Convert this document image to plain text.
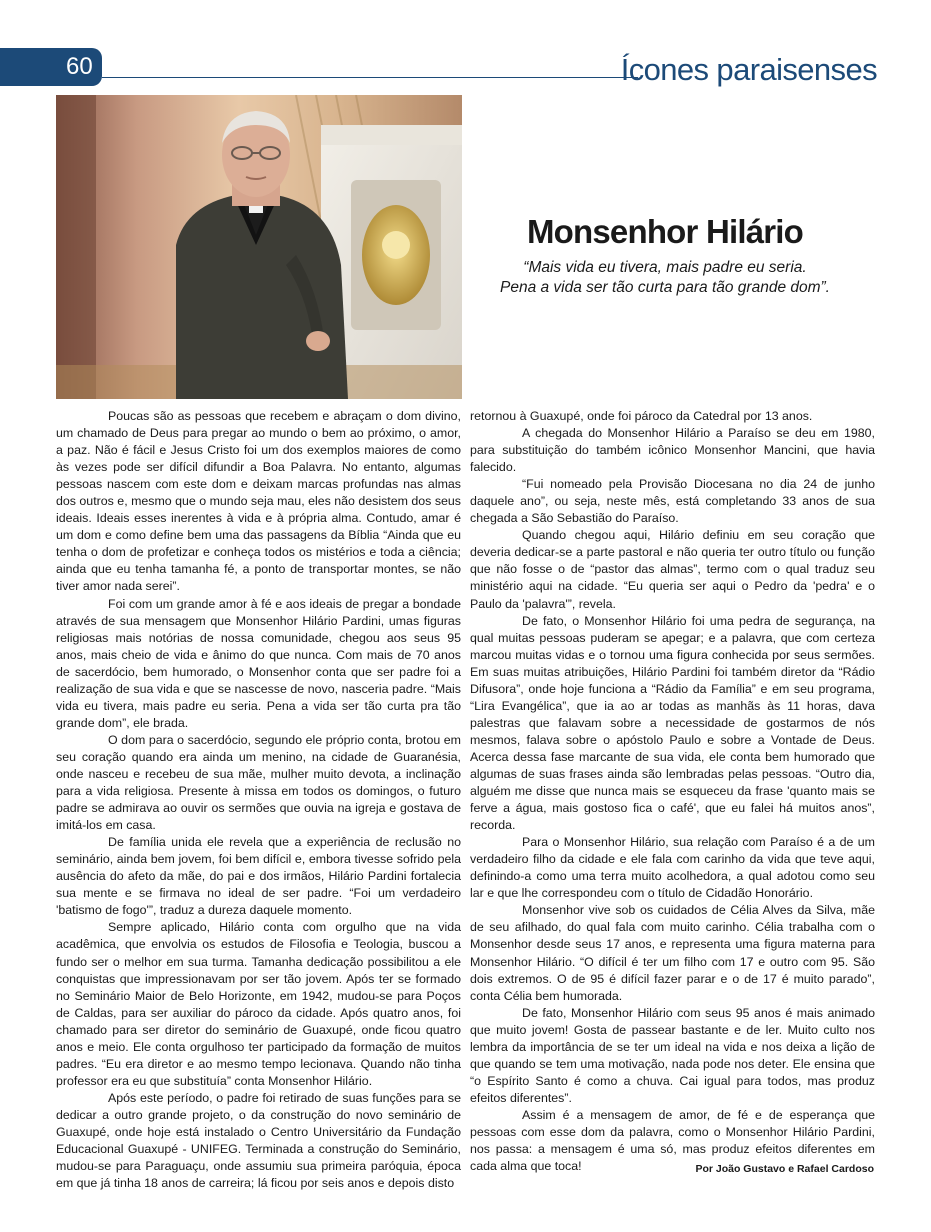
60	Ícones paraisenses
Monsenhor Hilário

“Mais vida eu tivera, mais padre eu seria.
Pena a vida ser tão curta para tão grande dom”.

Poucas são as pessoas que recebem e abraçam o dom divino, um chamado de Deus para pregar ao mundo o bem ao próximo, o amor, a paz. Não é fácil e Jesus Cristo foi um dos exemplos maiores de como às vezes pode ser difícil difundir a Boa Palavra. No entanto, algumas pessoas nascem com este dom e deixam marcas profundas nas almas dos outros e, mesmo que o mundo seja mau, eles não desistem dos seus ideais. Ideais esses inerentes à vida e à própria alma. Contudo, amar é um dom e como define bem uma das passagens da Bíblia “Ainda que eu tenha o dom de profetizar e conheça todos os mistérios e toda a ciência; ainda que eu tenha tamanha fé, a ponto de transportar montes, se não tiver amor nada serei”.

Foi com um grande amor à fé e aos ideais de pregar a bondade através de sua mensagem que Monsenhor Hilário Pardini, umas figuras religiosas mais notórias de nossa comunidade, chegou aos seus 95 anos, mais cheio de vida e ânimo do que nunca. Com mais de 70 anos de sacerdócio, bem humorado, o Monsenhor conta que ser padre foi a realização de sua vida e que se nascesse de novo, nasceria padre. “Mais vida eu tivera, mais padre eu seria. Pena a vida ser tão curta pra tão grande dom”, ele brada.

O dom para o sacerdócio, segundo ele próprio conta, brotou em seu coração quando era ainda um menino, na cidade de Guaranésia, onde nasceu e recebeu de sua mãe, mulher muito devota, a inclinação para a vida religiosa. Presente à missa em todos os domingos, o futuro padre se admirava ao ouvir os sermões que ouvia na igreja e gostava de imitá-los em casa.

De família unida ele revela que a experiência de reclusão no seminário, ainda bem jovem, foi bem difícil e, embora tivesse sofrido pela ausência do afeto da mãe, do pai e dos irmãos, Hilário Pardini fortalecia sua mente e se firmava no ideal de ser padre. “Foi um verdadeiro 'batismo de fogo'”, traduz a dureza daquele momento.

Sempre aplicado, Hilário conta com orgulho que na vida acadêmica, que envolvia os estudos de Filosofia e Teologia, buscou a fundo ser o melhor em sua turma. Tamanha dedicação possibilitou a ele conquistas que impressionavam por ser tão jovem. Após ter se formado no Seminário Maior de Belo Horizonte, em 1942, mudou-se para Poços de Caldas, para ser auxiliar do pároco da cidade. Após quatro anos, foi chamado para ser diretor do seminário de Guaxupé, onde ficou quatro anos e meio. Ele conta orgulhoso ter participado da formação de muitos padres. “Eu era diretor e ao mesmo tempo lecionava. Quando não tinha professor era eu que substituía” conta Monsenhor Hilário.

Após este período, o padre foi retirado de suas funções para se dedicar a outro grande projeto, o da construção do novo seminário de Guaxupé, onde hoje está instalado o Centro Universitário da Fundação Educacional Guaxupé - UNIFEG. Terminada a construção do Seminário, mudou-se para Paraguaçu, onde assumiu sua primeira paróquia, época em que já tinha 18 anos de carreira; lá ficou por seis anos e depois disto

retornou à Guaxupé, onde foi pároco da Catedral por 13 anos.

A chegada do Monsenhor Hilário a Paraíso se deu em 1980, para substituição do também icônico Monsenhor Mancini, que havia falecido.

“Fui nomeado pela Provisão Diocesana no dia 24 de junho daquele ano”, ou seja, neste mês, está completando 33 anos de sua chegada a São Sebastião do Paraíso.

Quando chegou aqui, Hilário definiu em seu coração que deveria dedicar-se a parte pastoral e não queria ter outro título ou função que não fosse o de “pastor das almas”, termo com o qual traduz seu ministério aqui na cidade. “Eu queria ser aqui o Pedro da 'pedra' e o Paulo da 'palavra'”, revela.

De fato, o Monsenhor Hilário foi uma pedra de segurança, na qual muitas pessoas puderam se apegar; e a palavra, que com certeza marcou muitas vidas e o tornou uma figura conhecida por seus sermões. Em suas muitas atribuições, Hilário Pardini foi também diretor da “Rádio Difusora”, onde hoje funciona a “Rádio da Família” e em seu programa, “Lira Evangélica”, que ia ao ar todas as manhãs às 11 horas, dava palestras que falavam sobre a necessidade de gostarmos de nós mesmos, falava sobre o apóstolo Paulo e sobre a Vontade de Deus. Acerca dessa fase marcante de sua vida, ele conta bem humorado que algumas de suas frases ainda são lembradas pelas pessoas. “Outro dia, alguém me disse que nunca mais se esqueceu da frase 'quanto mais se ferve a água, mais gostoso fica o café', que eu falei há muitos anos”, recorda.

Para o Monsenhor Hilário, sua relação com Paraíso é a de um verdadeiro filho da cidade e ele fala com carinho da vida que teve aqui, definindo-a como uma terra muito acolhedora, a qual adotou como seu lar e que lhe correspondeu com o título de Cidadão Honorário.

Monsenhor vive sob os cuidados de Célia Alves da Silva, mãe de seu afilhado, do qual fala com muito carinho. Célia trabalha com o Monsenhor desde seus 17 anos, e representa uma figura materna para Monsenhor Hilário. “O difícil é ter um filho com 17 e outro com 95. São dois extremos. O de 95 é difícil fazer parar e o de 17 é muito parado”, conta Célia bem humorada.

De fato, Monsenhor Hilário com seus 95 anos é mais animado que muito jovem! Gosta de passear bastante e de ler. Muito culto nos lembra da importância de se ter um ideal na vida e nos deixa a lição de que quando se tem uma motivação, nada pode nos deter. Ele ensina que “o Espírito Santo é como a chuva. Cai igual para todos, mas produz efeitos diferentes”.

Assim é a mensagem de amor, de fé e de esperança que pessoas com esse dom da palavra, como o Monsenhor Hilário Pardini, nos passa: a mensagem é uma só, mas produz efeitos diferentes em cada alma que toca!	Por João Gustavo e Rafael Cardoso
